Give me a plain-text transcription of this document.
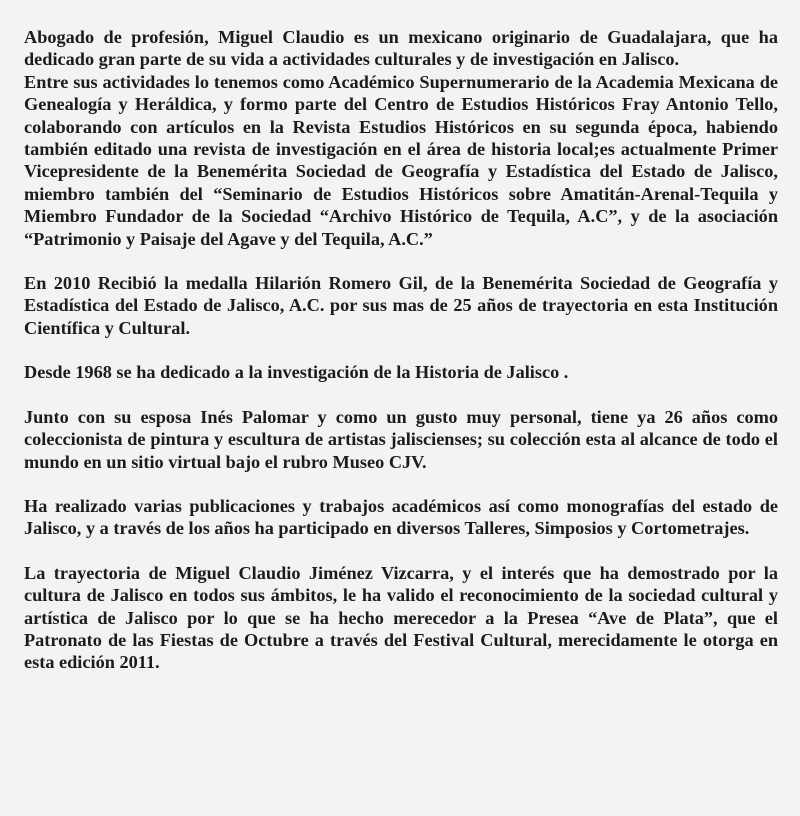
Abogado de profesión, Miguel Claudio es un mexicano originario de Guadalajara, que ha dedicado gran parte de su vida a actividades culturales y de investigación en Jalisco.

Entre sus actividades lo tenemos como Académico Supernumerario de la Academia Mexicana de Genealogía y Heráldica, y formo parte del Centro de Estudios Históricos Fray Antonio Tello, colaborando con artículos en la Revista Estudios Históricos en su segunda época, habiendo también editado una revista de investigación en el área de historia local;es actualmente Primer Vicepresidente de la Benemérita Sociedad de Geografía y Estadística del Estado de Jalisco, miembro también del “Seminario de Estudios Históricos sobre Amatitán-Arenal-Tequila y Miembro Fundador de la Sociedad “Archivo Histórico de Tequila, A.C”, y de la asociación “Patrimonio y Paisaje del Agave y del Tequila, A.C.”

En 2010 Recibió la medalla Hilarión Romero Gil, de la Benemérita Sociedad de Geografía y Estadística del Estado de Jalisco, A.C. por sus mas de 25 años de trayectoria en esta Institución Científica y Cultural.

Desde 1968 se ha dedicado a la investigación de la Historia de Jalisco .

Junto con su esposa Inés Palomar y como un gusto muy personal, tiene ya 26 años como coleccionista de pintura y escultura de artistas jaliscienses; su colección esta al alcance de todo el mundo en un sitio virtual bajo el rubro Museo CJV.

Ha realizado varias publicaciones y trabajos académicos así como monografías del estado de Jalisco, y a través de los años ha participado en diversos Talleres, Simposios y Cortometrajes.

La trayectoria de Miguel Claudio Jiménez Vizcarra, y el interés que ha demostrado por la cultura de Jalisco en todos sus ámbitos, le ha valido el reconocimiento de la sociedad cultural y artística de Jalisco por lo que se ha hecho merecedor a la Presea “Ave de Plata”, que el Patronato de las Fiestas de Octubre a través del Festival Cultural, merecidamente le otorga en esta edición 2011.
